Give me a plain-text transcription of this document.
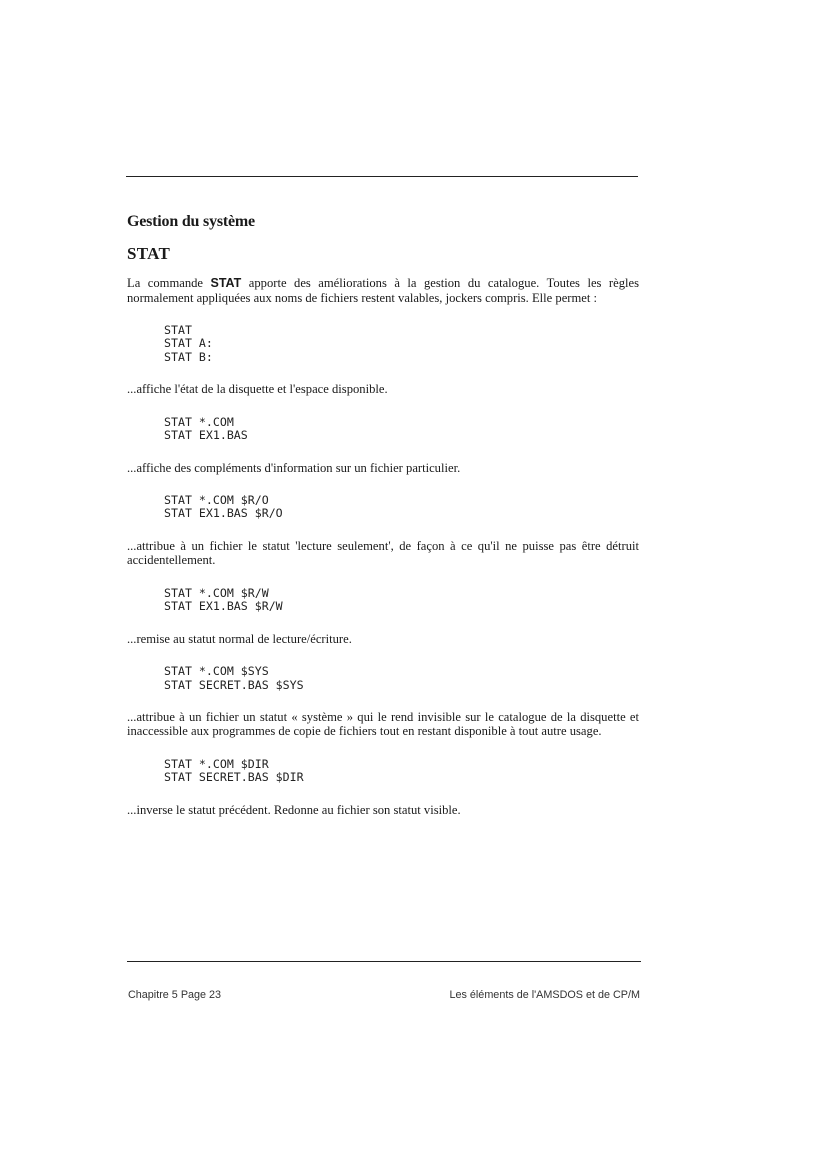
Gestion du système
STAT

La commande STAT apporte des améliorations à la gestion du catalogue. Toutes les règles normalement appliquées aux noms de fichiers restent valables, jockers compris. Elle permet :

STAT
STAT A:
STAT B:

...affiche l'état de la disquette et l'espace disponible.

STAT *.COM
STAT EX1.BAS

...affiche des compléments d'information sur un fichier particulier.

STAT *.COM $R/O
STAT EX1.BAS $R/O

...attribue à un fichier le statut 'lecture seulement', de façon à ce qu'il ne puisse pas être détruit accidentellement.

STAT *.COM $R/W
STAT EX1.BAS $R/W

...remise au statut normal de lecture/écriture.

STAT *.COM $SYS
STAT SECRET.BAS $SYS

...attribue à un fichier un statut « système » qui le rend invisible sur le catalogue de la disquette et inaccessible aux programmes de copie de fichiers tout en restant disponible à tout autre usage.

STAT *.COM $DIR
STAT SECRET.BAS $DIR

...inverse le statut précédent. Redonne au fichier son statut visible.

Chapitre 5 Page 23	Les éléments de l'AMSDOS et de CP/M
